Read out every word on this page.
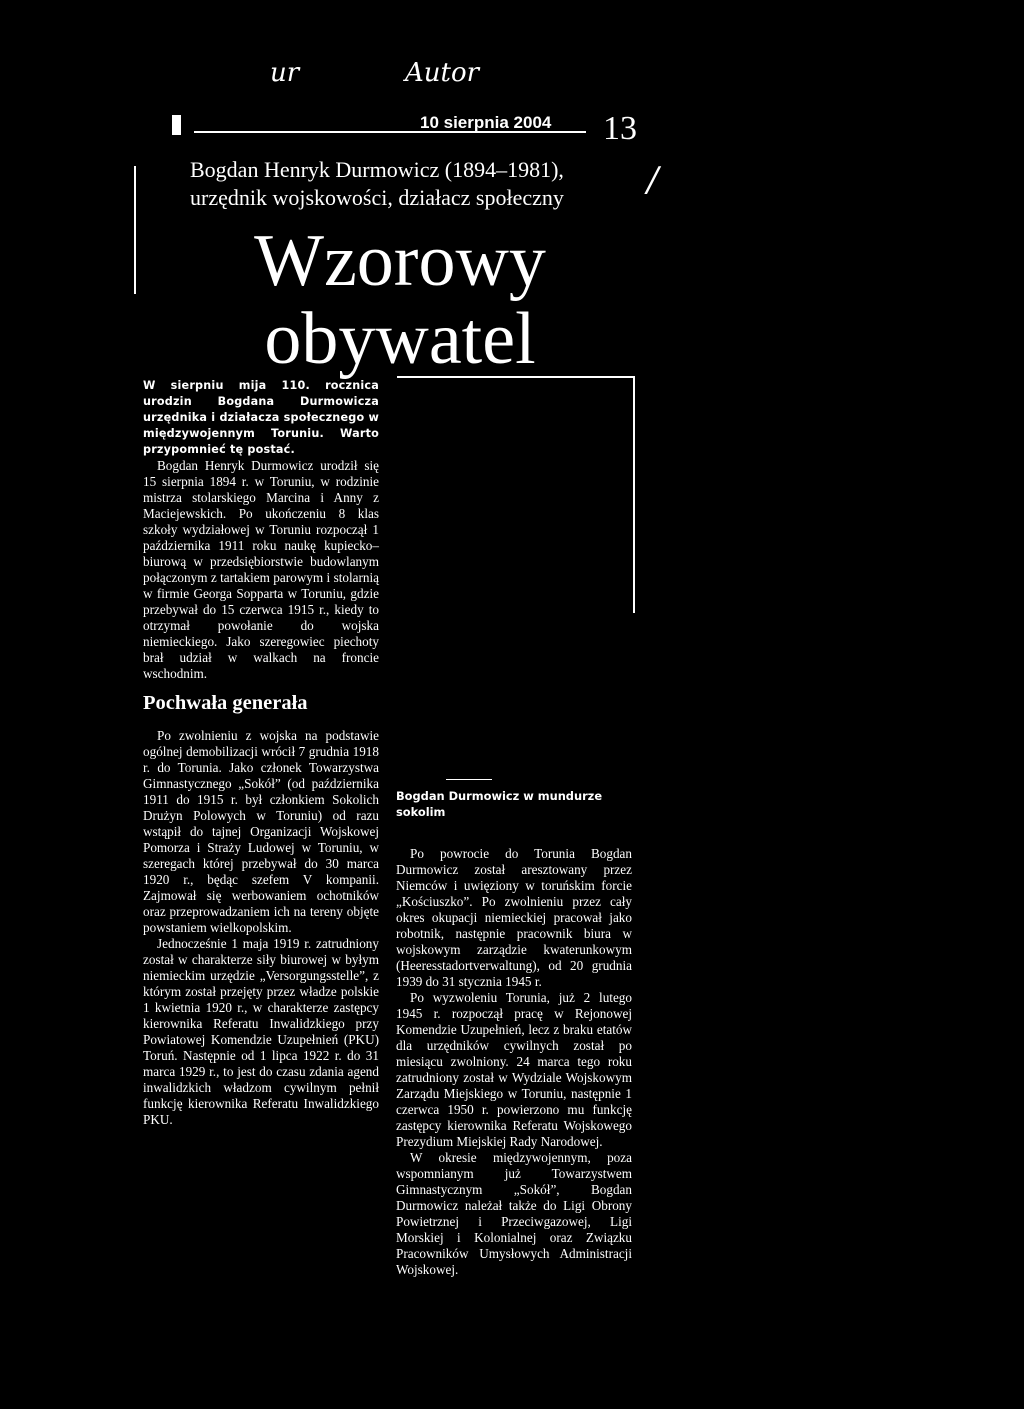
ur	Autor
10 sierpnia 2004 13
/
Bogdan Henryk Durmowicz (1894–1981),
urzędnik wojskowości, działacz społeczny
Wzorowy
obywatel

W sierpniu mija 110. rocznica urodzin Bogdana Durmowicza urzędnika i działacza społecznego w międzywojennym Toruniu. Warto przypomnieć tę postać.

Bogdan Henryk Durmowicz urodził się 15 sierpnia 1894 r. w Toruniu, w rodzinie mistrza stolarskiego Marcina i Anny z Maciejewskich. Po ukończeniu 8 klas szkoły wydziałowej w Toruniu rozpoczął 1 października 1911 roku naukę kupiecko–biurową w przedsiębiorstwie budowlanym połączonym z tartakiem parowym i stolarnią w firmie Georga Sopparta w Toruniu, gdzie przebywał do 15 czerwca 1915 r., kiedy to otrzymał powołanie do wojska niemieckiego. Jako szeregowiec piechoty brał udział w walkach na froncie wschodnim.

Pochwała generała

Po zwolnieniu z wojska na podstawie ogólnej demobilizacji wrócił 7 grudnia 1918 r. do Torunia. Jako członek Towarzystwa Gimnastycznego „Sokół” (od października 1911 do 1915 r. był członkiem Sokolich Drużyn Polowych w Toruniu) od razu wstąpił do tajnej Organizacji Wojskowej Pomorza i Straży Ludowej w Toruniu, w szeregach której przebywał do 30 marca 1920 r., będąc szefem V kompanii. Zajmował się werbowaniem ochotników oraz przeprowadzaniem ich na tereny objęte powstaniem wielkopolskim.

Jednocześnie 1 maja 1919 r. zatrudniony został w charakterze siły biurowej w byłym niemieckim urzędzie „Versorgungsstelle”, z którym został przejęty przez władze polskie 1 kwietnia 1920 r., w charakterze zastępcy kierownika Referatu Inwalidzkiego przy Powiatowej Komendzie Uzupełnień (PKU) Toruń. Następnie od 1 lipca 1922 r. do 31 marca 1929 r., to jest do czasu zdania agend inwalidzkich władzom cywilnym pełnił funkcję kierownika Referatu Inwalidzkiego PKU.

Bogdan Durmowicz w mundurze sokolim

Po powrocie do Torunia Bogdan Durmowicz został aresztowany przez Niemców i uwięziony w toruńskim forcie „Kościuszko”. Po zwolnieniu przez cały okres okupacji niemieckiej pracował jako robotnik, następnie pracownik biura w wojskowym zarządzie kwaterunkowym (Heeresstadortverwaltung), od 20 grudnia 1939 do 31 stycznia 1945 r.

Po wyzwoleniu Torunia, już 2 lutego 1945 r. rozpoczął pracę w Rejonowej Komendzie Uzupełnień, lecz z braku etatów dla urzędników cywilnych został po miesiącu zwolniony. 24 marca tego roku zatrudniony został w Wydziale Wojskowym Zarządu Miejskiego w Toruniu, następnie 1 czerwca 1950 r. powierzono mu funkcję zastępcy kierownika Referatu Wojskowego Prezydium Miejskiej Rady Narodowej.

W okresie międzywojennym, poza wspomnianym już Towarzystwem Gimnastycznym „Sokół”, Bogdan Durmowicz należał także do Ligi Obrony Powietrznej i Przeciwgazowej, Ligi Morskiej i Kolonialnej oraz Związku Pracowników Umysłowych Administracji Wojskowej.
